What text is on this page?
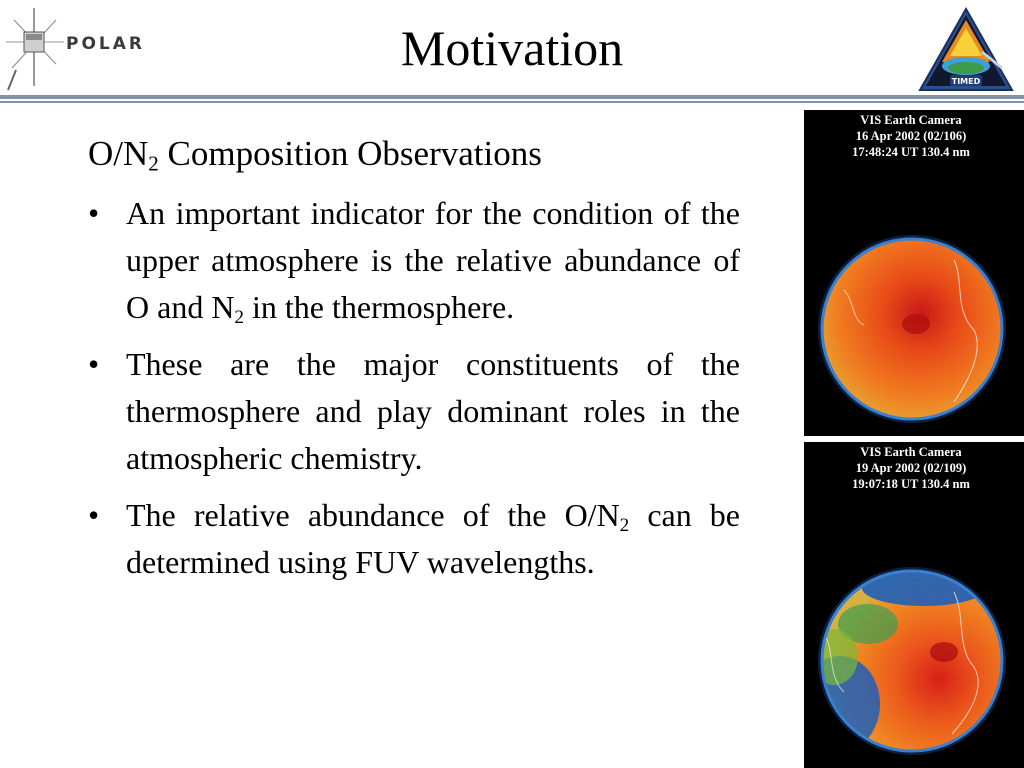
POLAR	Motivation
TIMED
$O/N_2$ Composition Observations
• An important indicator for the condition of the upper atmosphere is the relative abundance of O and $N_2$ in the thermosphere.
• These are the major constituents of the thermosphere and play dominant roles in the atmospheric chemistry.
• The relative abundance of the $O/N_2$ can be determined using FUV wavelengths.
VIS Earth Camera
16 Apr 2002 (02/106)
17:48:24 UT 130.4 nm
VIS Earth Camera
19 Apr 2002 (02/109)
19:07:18 UT 130.4 nm
